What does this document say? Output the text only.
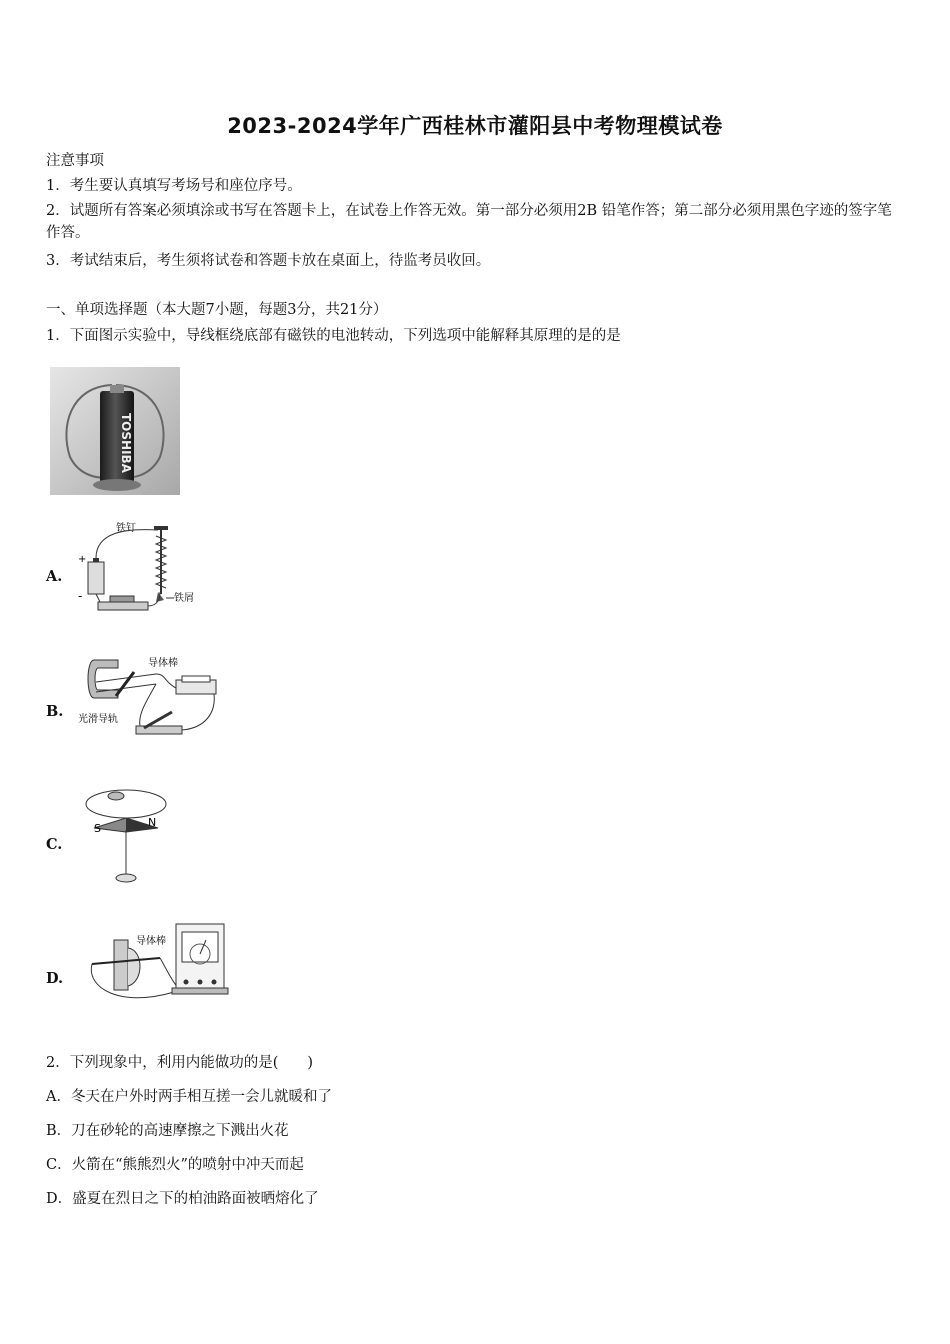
2023-2024学年广西桂林市灌阳县中考物理模试卷
注意事项
1．考生要认真填写考场号和座位序号。
2．试题所有答案必须填涂或书写在答题卡上，在试卷上作答无效。第一部分必须用2B 铅笔作答；第二部分必须用黑色字迹的签字笔作答。
3．考试结束后，考生须将试卷和答题卡放在桌面上，待监考员收回。
一、单项选择题（本大题7小题，每题3分，共21分）
1．下面图示实验中，导线框绕底部有磁铁的电池转动，下列选项中能解释其原理的是的是
TOSHIBA
A.
铁钉
铁屑
+
-
B.
导体棒
光滑导轨
C.
S	N
D.
导体棒
2．下列现象中，利用内能做功的是(　　)
A．冬天在户外时两手相互搓一会儿就暖和了
B．刀在砂轮的高速摩擦之下溅出火花
C．火箭在“熊熊烈火”的喷射中冲天而起
D．盛夏在烈日之下的柏油路面被晒熔化了
